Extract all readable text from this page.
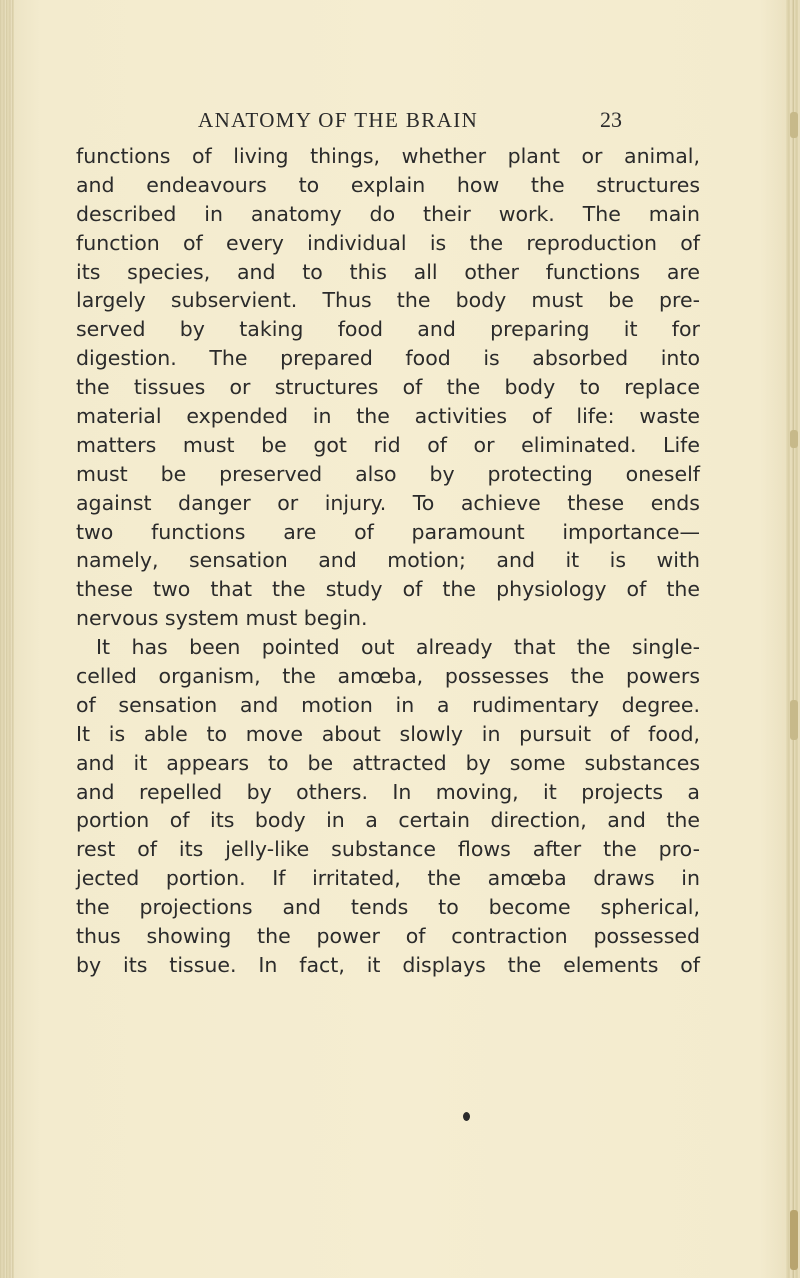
ANATOMY OF THE BRAIN	23
functions of living things, whether plant or animal,
and endeavours to explain how the structures
described in anatomy do their work. The main
function of every individual is the reproduction of
its species, and to this all other functions are
largely subservient. Thus the body must be pre-
served by taking food and preparing it for
digestion. The prepared food is absorbed into
the tissues or structures of the body to replace
material expended in the activities of life: waste
matters must be got rid of or eliminated. Life
must be preserved also by protecting oneself
against danger or injury. To achieve these ends
two functions are of paramount importance—
namely, sensation and motion; and it is with
these two that the study of the physiology of the
nervous system must begin.
It has been pointed out already that the single-
celled organism, the amœba, possesses the powers
of sensation and motion in a rudimentary degree.
It is able to move about slowly in pursuit of food,
and it appears to be attracted by some substances
and repelled by others. In moving, it projects a
portion of its body in a certain direction, and the
rest of its jelly-like substance flows after the pro-
jected portion. If irritated, the amœba draws in
the projections and tends to become spherical,
thus showing the power of contraction possessed
by its tissue. In fact, it displays the elements of
